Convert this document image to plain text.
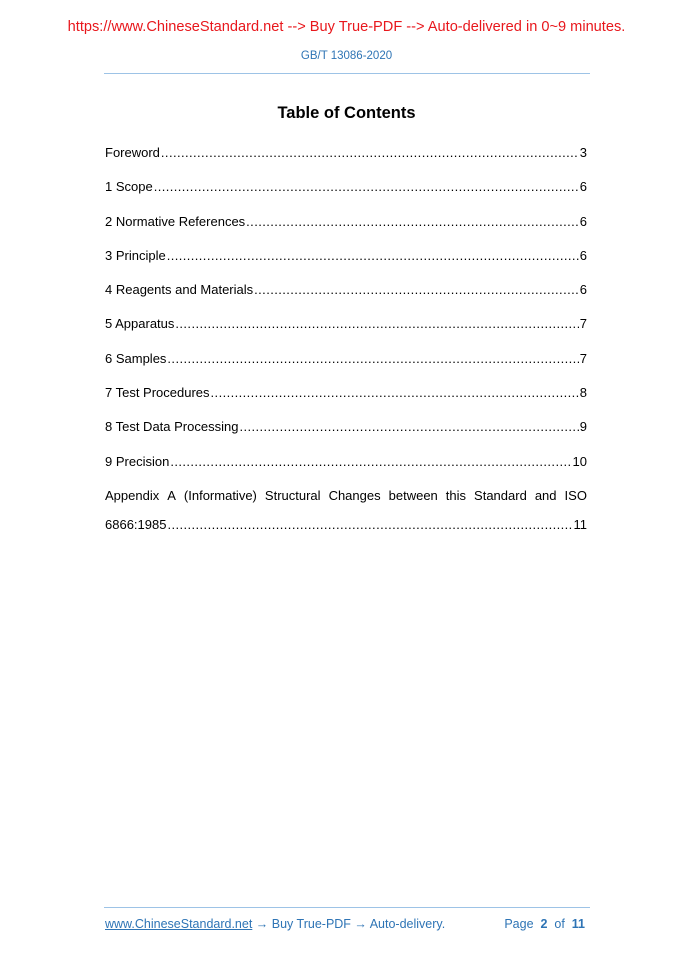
https://www.ChineseStandard.net --> Buy True-PDF --> Auto-delivered in 0~9 minutes.
GB/T 13086-2020
Table of Contents
Foreword .....	3
1 Scope .....	6
2 Normative References .....	6
3 Principle .....	6
4 Reagents and Materials .....	6
5 Apparatus .....	7
6 Samples .....	7
7 Test Procedures .....	8
8 Test Data Processing .....	9
9 Precision .....	10
Appendix A (Informative) Structural Changes between this Standard and ISO
6866:1985 .....	11
www.ChineseStandard.net → Buy True-PDF → Auto-delivery.	Page 2 of 11
